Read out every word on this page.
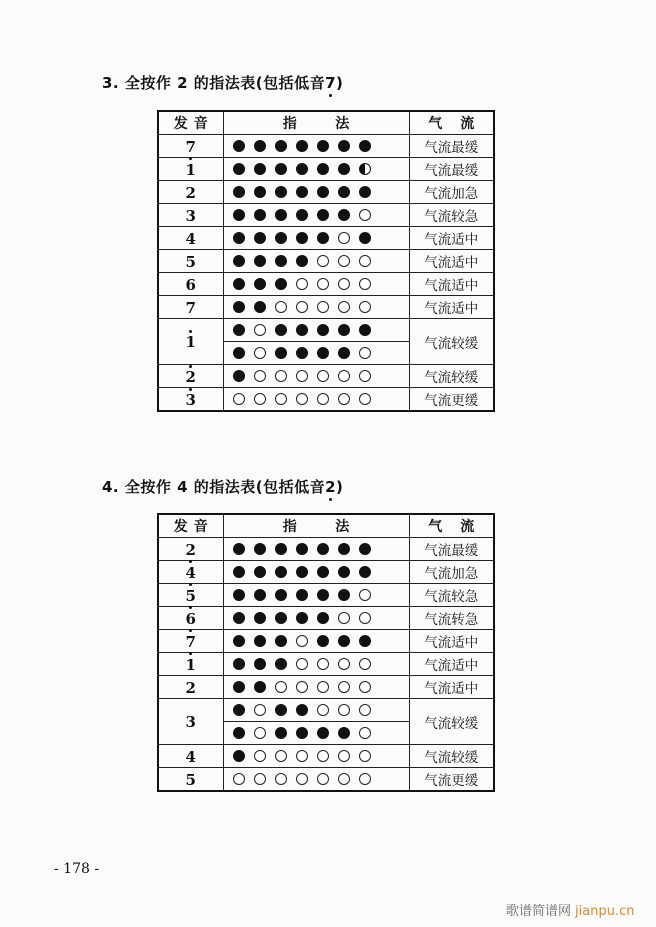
3. 全按作 2 的指法表(包括低音7)
发音	指 法	气流
7		气流最缓
1		气流最缓
2		气流加急
3		气流较急
4		气流适中
5		气流适中
6		气流适中
7		气流适中
1		气流较缓

2		气流较缓
3		气流更缓
4. 全按作 4 的指法表(包括低音2)
发音	指 法	气流
2		气流最缓
4		气流加急
5		气流较急
6		气流转急
7		气流适中
1		气流适中
2		气流适中
3		气流较缓

4		气流较缓
5		气流更缓
- 178 -
歌谱简谱网 jianpu.cn
